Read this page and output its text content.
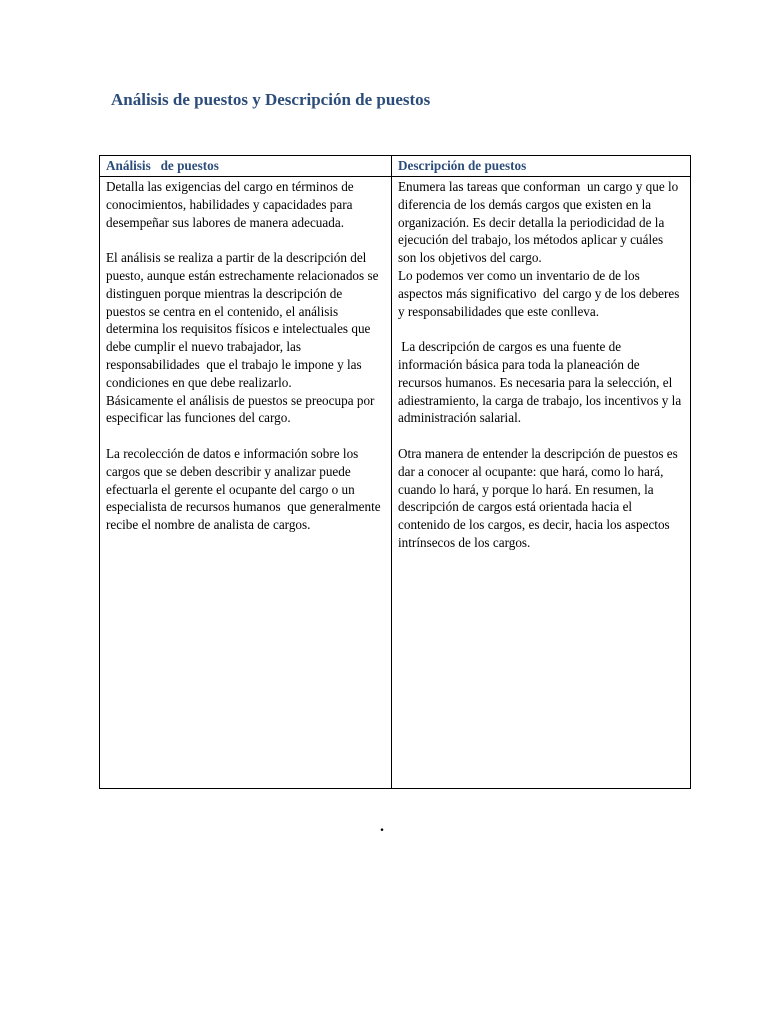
Análisis de puestos y Descripción de puestos
Análisis   de puestos	Descripción de puestos

Detalla las exigencias del cargo en términos de conocimientos, habilidades y capacidades para desempeñar sus labores de manera adecuada.

El análisis se realiza a partir de la descripción del puesto, aunque están estrechamente relacionados se distinguen porque mientras la descripción de puestos se centra en el contenido, el análisis determina los requisitos físicos e intelectuales que debe cumplir el nuevo trabajador, las responsabilidades  que el trabajo le impone y las condiciones en que debe realizarlo.

Básicamente el análisis de puestos se preocupa por especificar las funciones del cargo.

La recolección de datos e información sobre los cargos que se deben describir y analizar puede efectuarla el gerente el ocupante del cargo o un especialista de recursos humanos  que generalmente recibe el nombre de analista de cargos.

Enumera las tareas que conforman  un cargo y que lo diferencia de los demás cargos que existen en la organización. Es decir detalla la periodicidad de la ejecución del trabajo, los métodos aplicar y cuáles son los objetivos del cargo.

Lo podemos ver como un inventario de de los aspectos más significativo  del cargo y de los deberes y responsabilidades que este conlleva.

La descripción de cargos es una fuente de información básica para toda la planeación de recursos humanos. Es necesaria para la selección, el adiestramiento, la carga de trabajo, los incentivos y la administración salarial.

Otra manera de entender la descripción de puestos es dar a conocer al ocupante: que hará, como lo hará, cuando lo hará, y porque lo hará. En resumen, la descripción de cargos está orientada hacia el contenido de los cargos, es decir, hacia los aspectos intrínsecos de los cargos.

.
